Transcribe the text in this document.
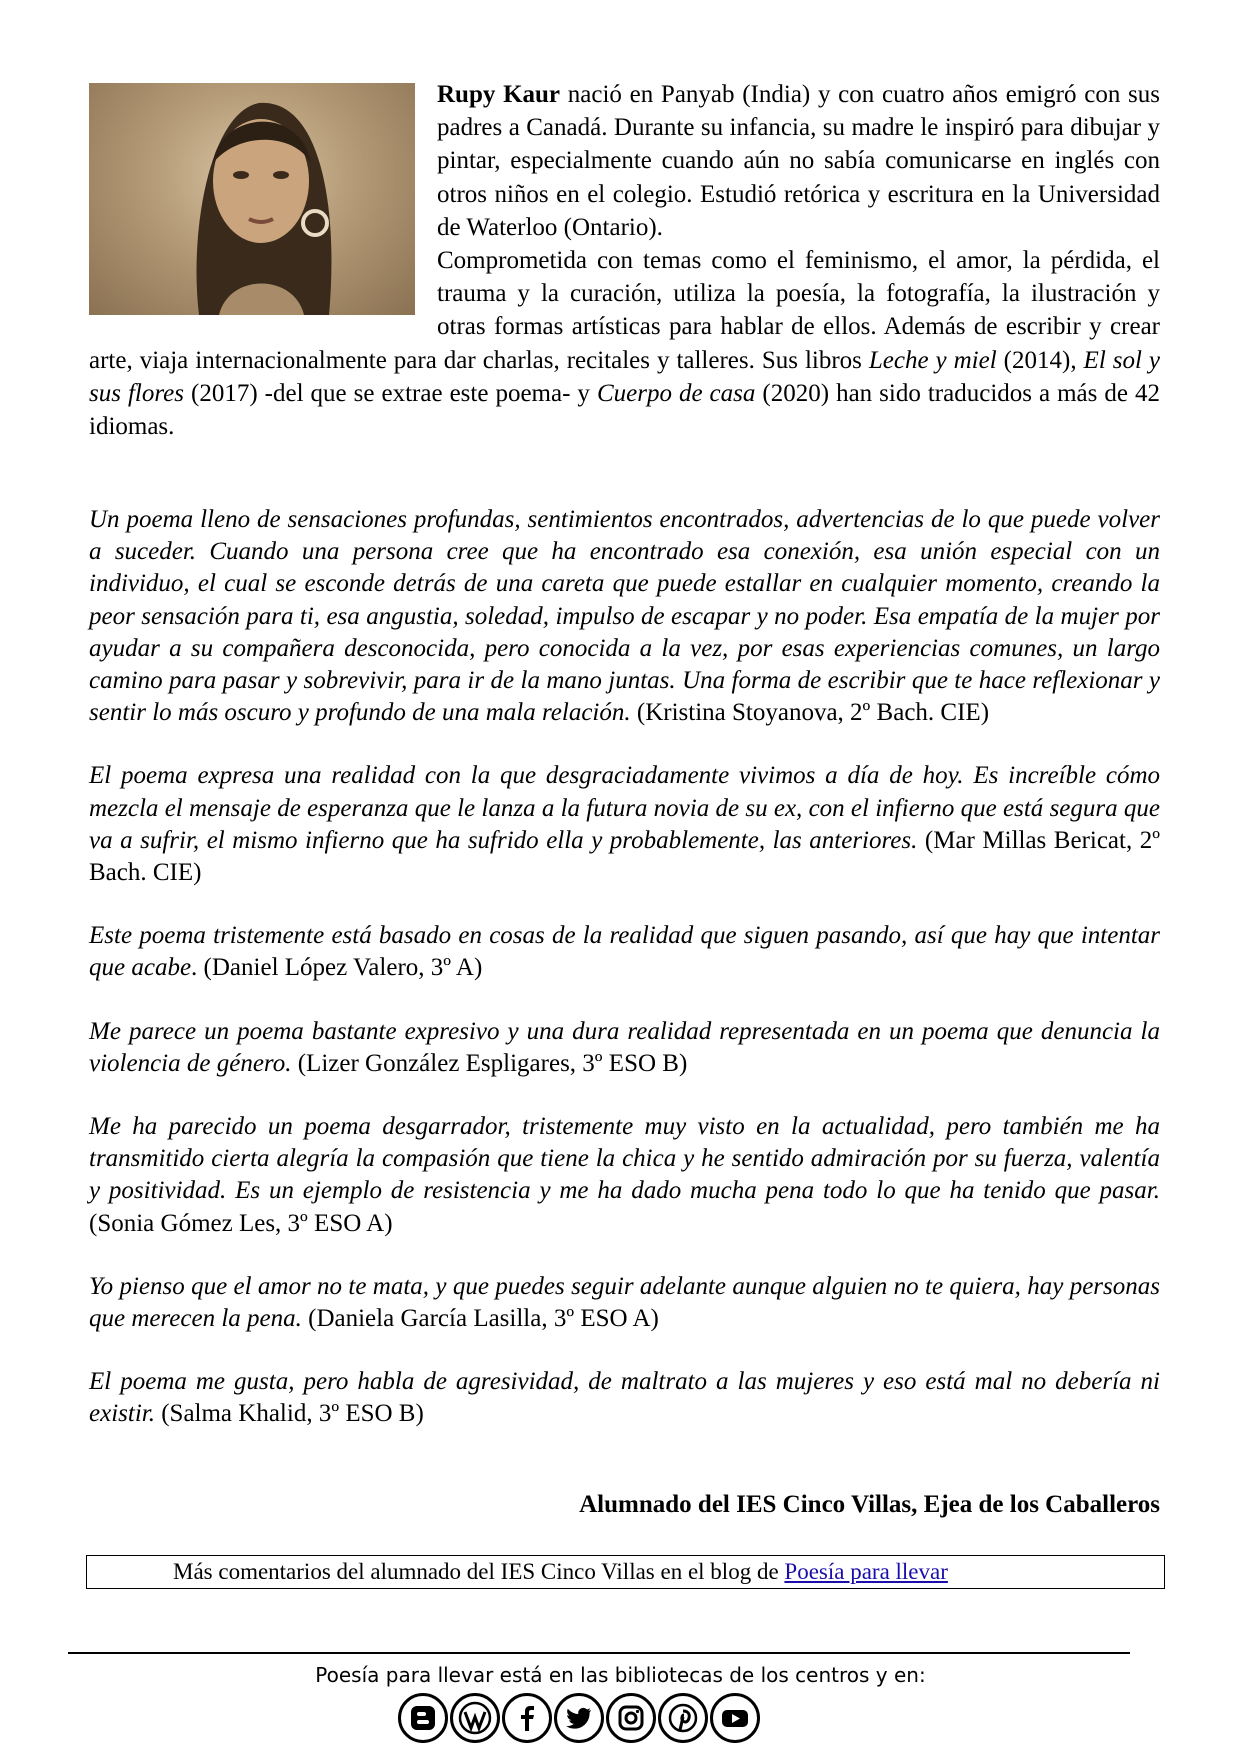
Rupy Kaur nació en Panyab (India) y con cuatro años emigró con sus padres a Canadá. Durante su infancia, su madre le inspiró para dibujar y pintar, especialmente cuando aún no sabía comunicarse en inglés con otros niños en el colegio. Estudió retórica y escritura en la Universidad de Waterloo (Ontario).
Comprometida con temas como el feminismo, el amor, la pérdida, el trauma y la curación, utiliza la poesía, la fotografía, la ilustración y otras formas artísticas para hablar de ellos. Además de escribir y crear arte, viaja internacionalmente para dar charlas, recitales y talleres. Sus libros Leche y miel (2014), El sol y sus flores (2017) -del que se extrae este poema- y Cuerpo de casa (2020) han sido traducidos a más de 42 idiomas.

Un poema lleno de sensaciones profundas, sentimientos encontrados, advertencias de lo que puede volver a suceder. Cuando una persona cree que ha encontrado esa conexión, esa unión especial con un individuo, el cual se esconde detrás de una careta que puede estallar en cualquier momento, creando la peor sensación para ti, esa angustia, soledad, impulso de escapar y no poder. Esa empatía de la mujer por ayudar a su compañera desconocida, pero conocida a la vez, por esas experiencias comunes, un largo camino para pasar y sobrevivir, para ir de la mano juntas. Una forma de escribir que te hace reflexionar y sentir lo más oscuro y profundo de una mala relación. (Kristina Stoyanova, 2º Bach. CIE)

El poema expresa una realidad con la que desgraciadamente vivimos a día de hoy. Es increíble cómo mezcla el mensaje de esperanza que le lanza a la futura novia de su ex, con el infierno que está segura que va a sufrir, el mismo infierno que ha sufrido ella y probablemente, las anteriores. (Mar Millas Bericat, 2º Bach. CIE)

Este poema tristemente está basado en cosas de la realidad que siguen pasando, así que hay que intentar que acabe. (Daniel López Valero, 3º A)

Me parece un poema bastante expresivo y una dura realidad representada en un poema que denuncia la violencia de género. (Lizer González Espligares, 3º ESO B)

Me ha parecido un poema desgarrador, tristemente muy visto en la actualidad, pero también me ha transmitido cierta alegría la compasión que tiene la chica y he sentido admiración por su fuerza, valentía y positividad. Es un ejemplo de resistencia y me ha dado mucha pena todo lo que ha tenido que pasar. (Sonia Gómez Les, 3º ESO A)

Yo pienso que el amor no te mata, y que puedes seguir adelante aunque alguien no te quiera, hay personas que merecen la pena. (Daniela García Lasilla, 3º ESO A)

El poema me gusta, pero habla de agresividad, de maltrato a las mujeres y eso está mal no debería ni existir. (Salma Khalid, 3º ESO B)

Alumnado del IES Cinco Villas, Ejea de los Caballeros
Más comentarios del alumnado del IES Cinco Villas en el blog de Poesía para llevar
Poesía para llevar está en las bibliotecas de los centros y en:
